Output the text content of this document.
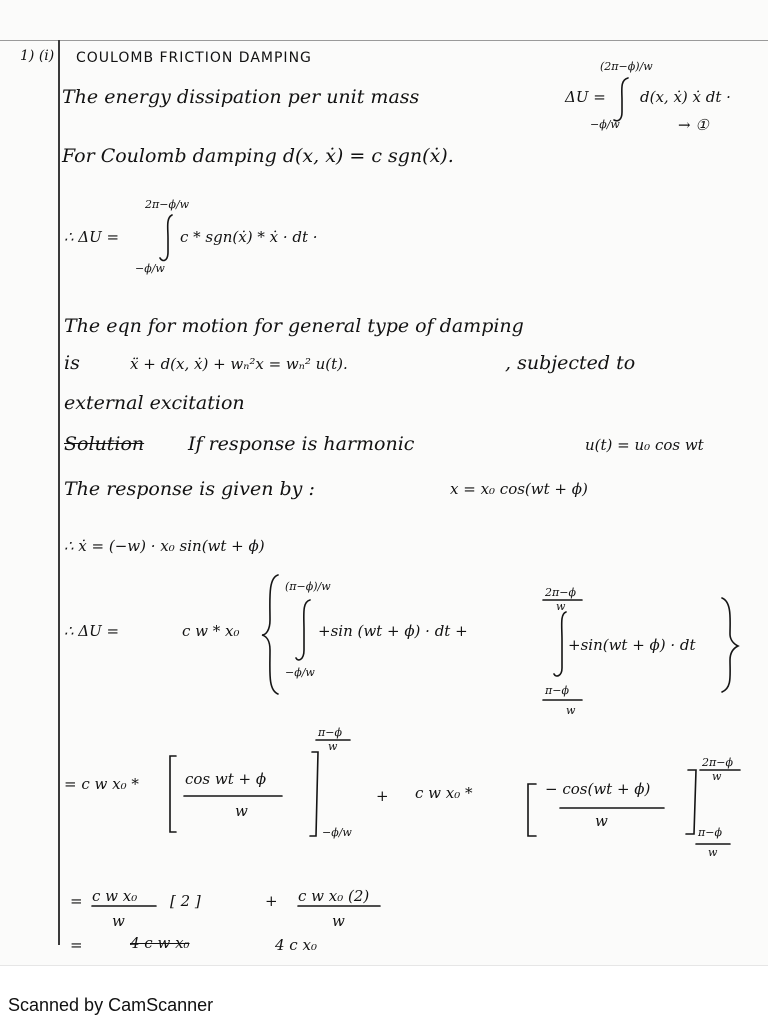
1) (i) COULOMB FRICTION DAMPING
The energy dissipation per unit mass	ΔU =
(2π−ϕ)/w
−ϕ/w
d(x, ẋ) ẋ dt ·
→ ①
For Coulomb damping d(x, ẋ) = c sgn(ẋ).
∴ ΔU =
2π−ϕ/w
−ϕ/w
c * sgn(ẋ) * ẋ · dt ·
The eqn for motion for general type of damping
is	ẍ + d(x, ẋ) + wₙ²x = wₙ² u(t).	, subjected to
external excitation
Solution If response is harmonic	u(t) = u₀ cos wt
The response is given by :	x = x₀ cos(wt + ϕ)
∴ ẋ = (−w) · x₀ sin(wt + ϕ)
∴ ΔU =	c w * x₀
(π−ϕ)/w
−ϕ/w
+sin (wt + ϕ) · dt +
2π−ϕ
w
π−ϕ
w
+sin(wt + ϕ) · dt
= c w x₀ *	cos wt + ϕ
w
π−ϕ
w
−ϕ/w
+ c w x₀ *	− cos(wt + ϕ)
w
2π−ϕ
w
π−ϕ
w
= c w x₀
w
[ 2 ]	+ c w x₀ (2)
w
=	4 c w x₀	4 c x₀
Scanned by CamScanner
